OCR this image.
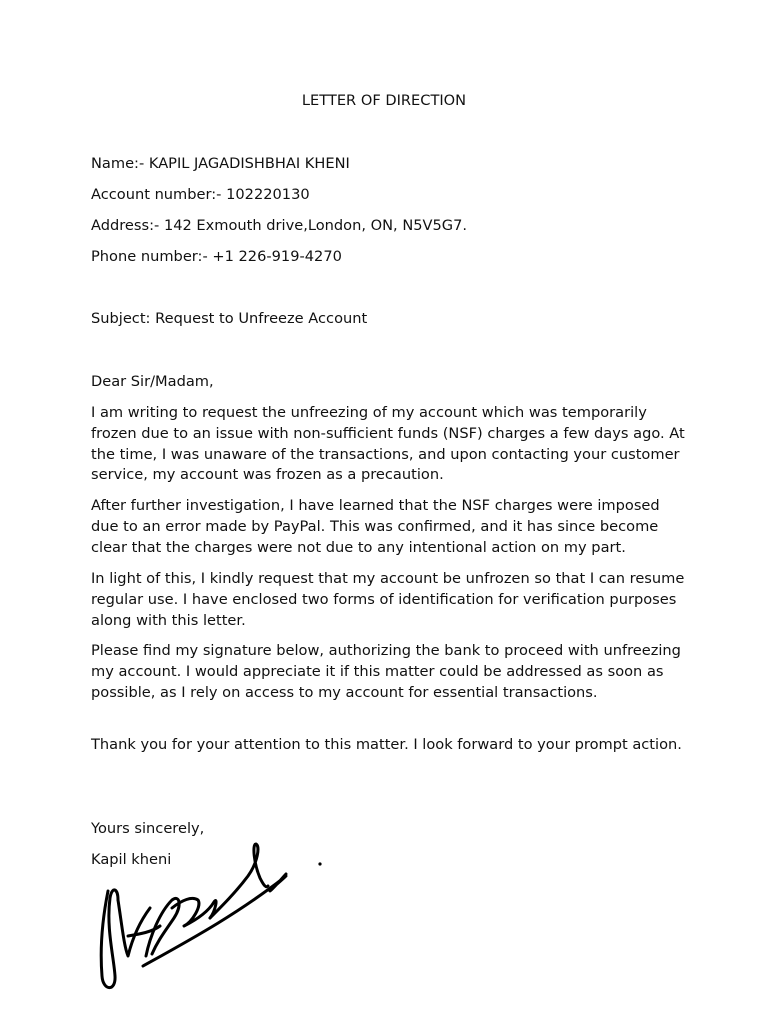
LETTER OF DIRECTION
Name:- KAPIL JAGADISHBHAI KHENI
Account number:- 102220130
Address:- 142 Exmouth drive,London, ON, N5V5G7.
Phone number:- +1 226-919-4270
Subject: Request to Unfreeze Account
Dear Sir/Madam,
I am writing to request the unfreezing of my account which was temporarily frozen due to an issue with non-sufficient funds (NSF) charges a few days ago. At the time, I was unaware of the transactions, and upon contacting your customer service, my account was frozen as a precaution.
After further investigation, I have learned that the NSF charges were imposed due to an error made by PayPal. This was confirmed, and it has since become clear that the charges were not due to any intentional action on my part.
In light of this, I kindly request that my account be unfrozen so that I can resume regular use. I have enclosed two forms of identification for verification purposes along with this letter.
Please find my signature below, authorizing the bank to proceed with unfreezing my account. I would appreciate it if this matter could be addressed as soon as possible, as I rely on access to my account for essential transactions.
Thank you for your attention to this matter. I look forward to your prompt action.
Yours sincerely,
Kapil kheni
